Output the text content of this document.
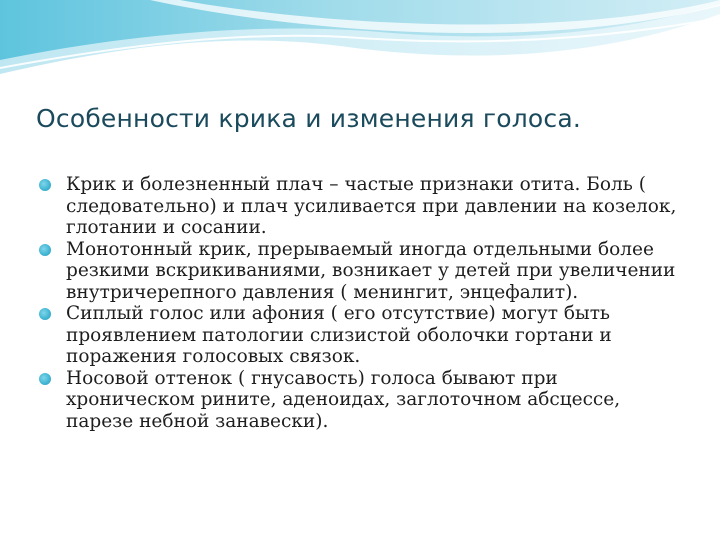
Особенности крика и изменения голоса.
Крик и болезненный плач – частые признаки отита. Боль ( следовательно) и плач усиливается при давлении на козелок, глотании и сосании.
Монотонный крик, прерываемый иногда отдельными более резкими вскрикиваниями, возникает у детей при увеличении внутричерепного давления ( менингит, энцефалит).
Сиплый голос или афония ( его отсутствие) могут быть проявлением патологии слизистой оболочки гортани и поражения голосовых связок.
Носовой оттенок ( гнусавость) голоса бывают при хроническом рините, аденоидах, заглоточном абсцессе, парезе небной занавески).
